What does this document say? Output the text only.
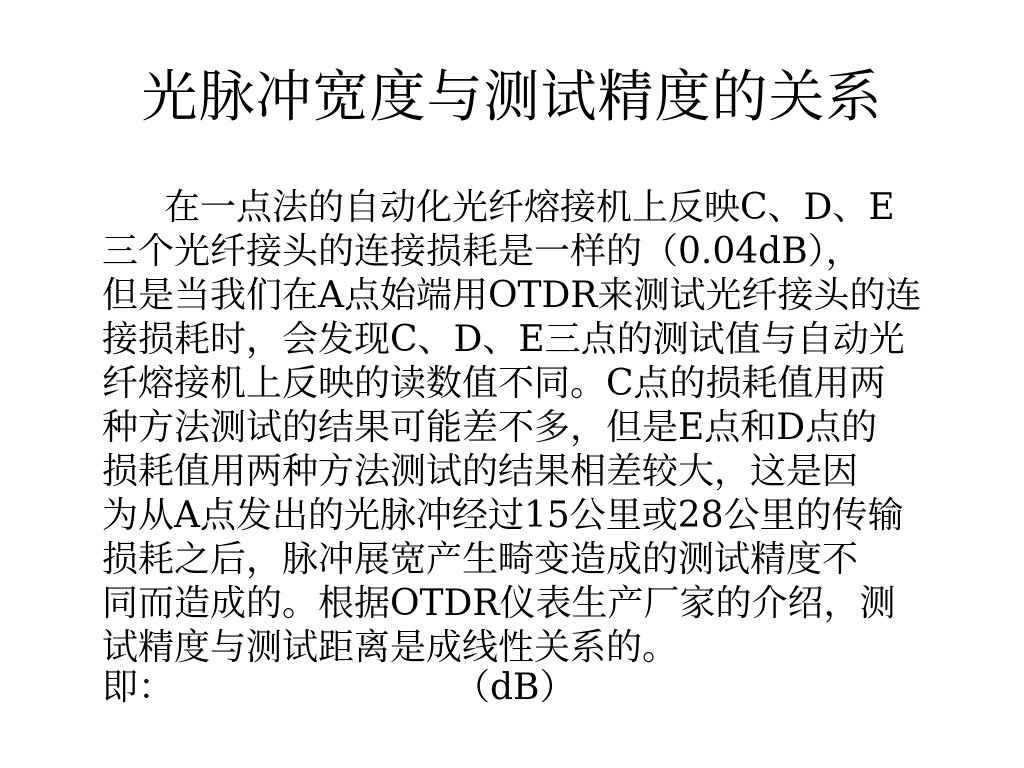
光脉冲宽度与测试精度的关系
在一点法的自动化光纤熔接机上反映C、D、E
三个光纤接头的连接损耗是一样的（0.04dB），
但是当我们在A点始端用OTDR来测试光纤接头的连
接损耗时，会发现C、D、E三点的测试值与自动光
纤熔接机上反映的读数值不同。C点的损耗值用两
种方法测试的结果可能差不多，但是E点和D点的
损耗值用两种方法测试的结果相差较大，这是因
为从A点发出的光脉冲经过15公里或28公里的传输
损耗之后，脉冲展宽产生畸变造成的测试精度不
同而造成的。根据OTDR仪表生产厂家的介绍，测
试精度与测试距离是成线性关系的。
即：	（dB）
